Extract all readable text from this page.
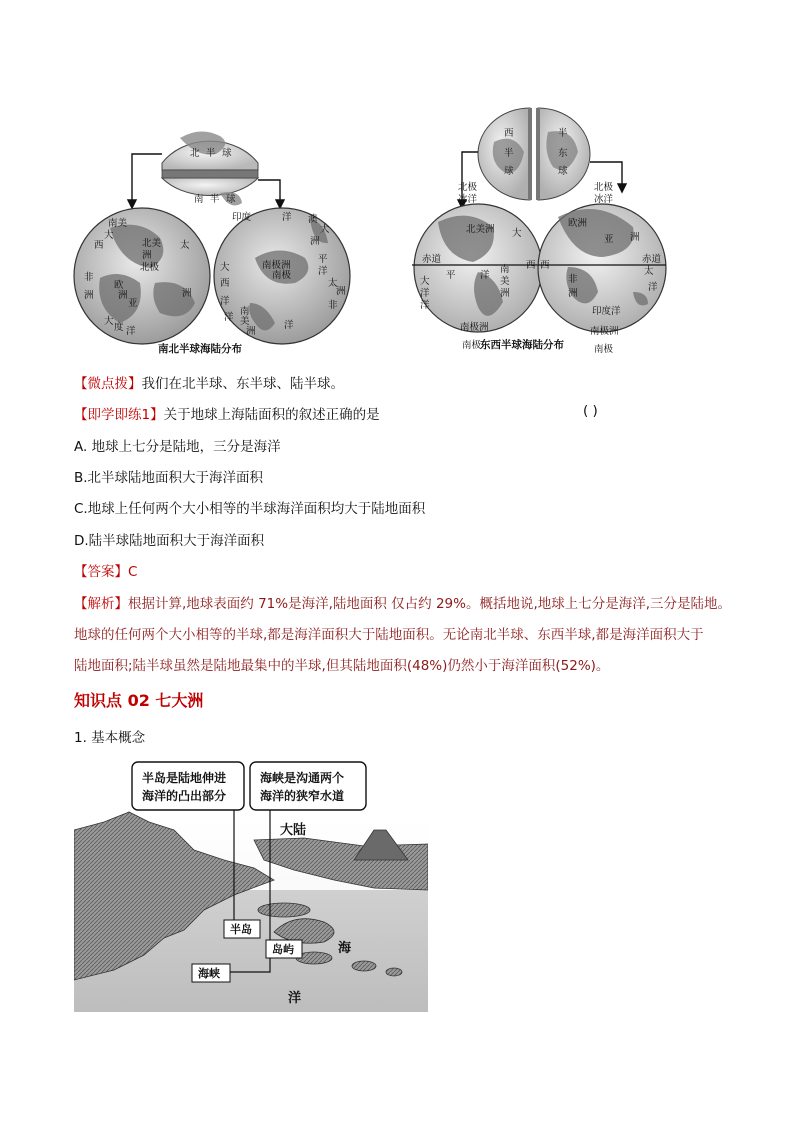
北 半 球
南 半 球
南美
大
西	北美
洲
太
北极
非
欧
洲	洲
亚
洲
大
度 洋
印度	洋 澳
大
洲
南极洲
南极
大
平
西
洋
洋
南
美
洲
洋
洋
太
非
洲
南北半球海陆分布
西
半
球
半
东
球
北极
冰洋
北美洲 大
赤道
平	洋
南
美
洲
大
洋
西
洋
南极洲
南极
北极
冰洋
欧洲
亚 洲
西
太
赤道
非
洲
印度洋
洋
南极洲
南极
东西半球海陆分布
【微点拨】我们在北半球、东半球、陆半球。
【即学即练1】关于地球上海陆面积的叙述正确的是	( )
A. 地球上七分是陆地，三分是海洋
B.北半球陆地面积大于海洋面积
C.地球上任何两个大小相等的半球海洋面积均大于陆地面积
D.陆半球陆地面积大于海洋面积
【答案】C
【解析】根据计算,地球表面约 71%是海洋,陆地面积 仅占约 29%。概括地说,地球上七分是海洋,三分是陆地。
地球的任何两个大小相等的半球,都是海洋面积大于陆地面积。无论南北半球、东西半球,都是海洋面积大于
陆地面积;陆半球虽然是陆地最集中的半球,但其陆地面积(48%)仍然小于海洋面积(52%)。
知识点 02 七大洲
1. 基本概念
半岛是陆地伸进
海洋的凸出部分
海峡是沟通两个
海洋的狭窄水道
大陆
半岛
岛屿	海
海峡
洋
